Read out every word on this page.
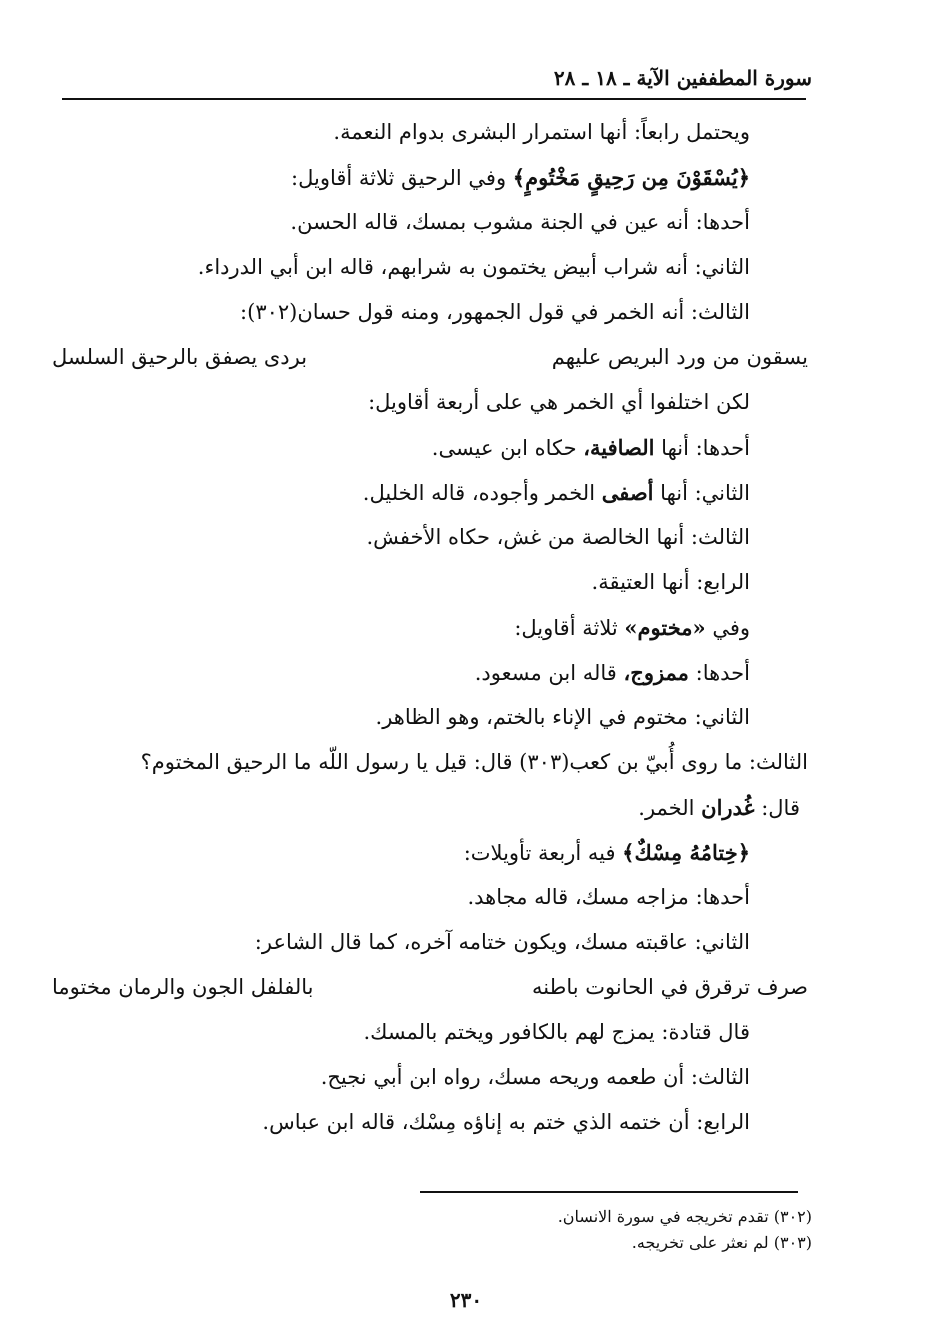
سورة المطففين الآية ـ ١٨ ـ ٢٨
ويحتمل رابعاً: أنها استمرار البشرى بدوام النعمة.
﴿يُسْقَوْنَ مِن رَحِيقٍ مَخْتُومٍ﴾ وفي الرحيق ثلاثة أقاويل:
أحدها: أنه عين في الجنة مشوب بمسك، قاله الحسن.
الثاني: أنه شراب أبيض يختمون به شرابهم، قاله ابن أبي الدرداء.
الثالث: أنه الخمر في قول الجمهور، ومنه قول حسان(٣٠٢):
يسقون من ورد البريص عليهم
بردى يصفق بالرحيق السلسل
لكن اختلفوا أي الخمر هي على أربعة أقاويل:
أحدها: أنها الصافية، حكاه ابن عيسى.
الثاني: أنها أصفى الخمر وأجوده، قاله الخليل.
الثالث: أنها الخالصة من غش، حكاه الأخفش.
الرابع: أنها العتيقة.
وفي «مختوم» ثلاثة أقاويل:
أحدها: ممزوج، قاله ابن مسعود.
الثاني: مختوم في الإناء بالختم، وهو الظاهر.
الثالث: ما روى أُبيّ بن كعب(٣٠٣) قال: قيل يا رسول اللّه ما الرحيق المختوم؟
قال: غُدران الخمر.
﴿خِتامُهُ مِسْكٌ﴾ فيه أربعة تأويلات:
أحدها: مزاجه مسك، قاله مجاهد.
الثاني: عاقبته مسك، ويكون ختامه آخره، كما قال الشاعر:
صرف ترقرق في الحانوت باطنه
بالفلفل الجون والرمان مختوما
قال قتادة: يمزج لهم بالكافور ويختم بالمسك.
الثالث: أن طعمه وريحه مسك، رواه ابن أبي نجيح.
الرابع: أن ختمه الذي ختم به إناؤه مِسْك، قاله ابن عباس.
(٣٠٢) تقدم تخريجه في سورة الانسان.
(٣٠٣) لم نعثر على تخريجه.
٢٣٠
